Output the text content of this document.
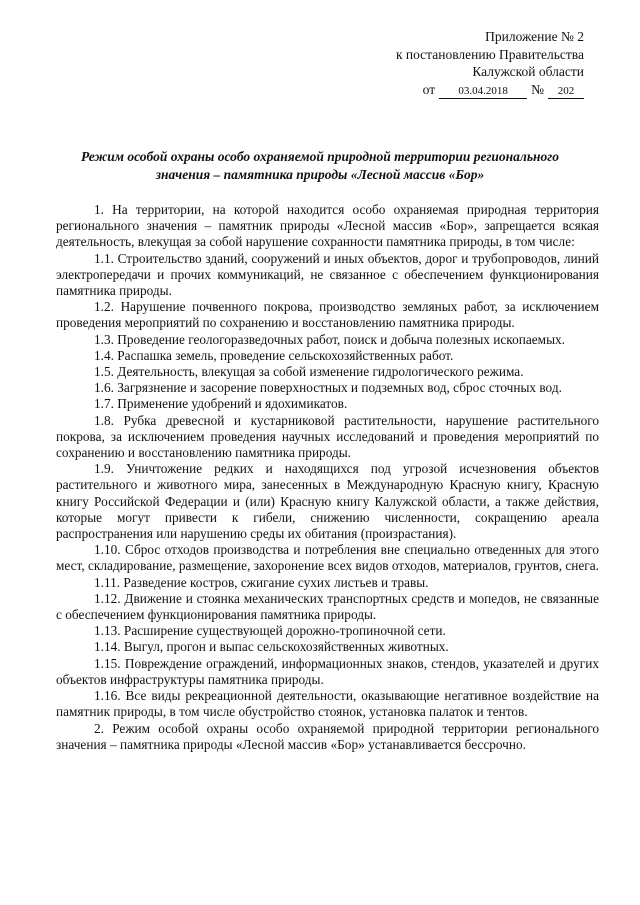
Приложение № 2
к постановлению Правительства
Калужской области
от	03.04.2018	№	202
Режим особой охраны особо охраняемой природной территории регионального
значения – памятника природы «Лесной массив «Бор»

1. На территории, на которой находится особо охраняемая природная территория регионального значения – памятник природы «Лесной массив «Бор», запрещается всякая деятельность, влекущая за собой нарушение сохранности памятника природы, в том числе:

1.1. Строительство зданий, сооружений и иных объектов, дорог и трубопроводов, линий электропередачи и прочих коммуникаций, не связанное с обеспечением функционирования памятника природы.

1.2. Нарушение почвенного покрова, производство земляных работ, за исключением проведения мероприятий по сохранению и восстановлению памятника природы.

1.3. Проведение геологоразведочных работ, поиск и добыча полезных ископаемых.

1.4. Распашка земель, проведение сельскохозяйственных работ.

1.5. Деятельность, влекущая за собой изменение гидрологического режима.

1.6. Загрязнение и засорение поверхностных и подземных вод, сброс сточных вод.

1.7. Применение удобрений и ядохимикатов.

1.8. Рубка древесной и кустарниковой растительности, нарушение растительного покрова, за исключением проведения научных исследований и проведения мероприятий по сохранению и восстановлению памятника природы.

1.9. Уничтожение редких и находящихся под угрозой исчезновения объектов растительного и животного мира, занесенных в Международную Красную книгу, Красную книгу Российской Федерации и (или) Красную книгу Калужской области, а также действия, которые могут привести к гибели, снижению численности, сокращению ареала распространения или нарушению среды их обитания (произрастания).

1.10. Сброс отходов производства и потребления вне специально отведенных для этого мест, складирование, размещение, захоронение всех видов отходов, материалов, грунтов, снега.

1.11. Разведение костров, сжигание сухих листьев и травы.

1.12. Движение и стоянка механических транспортных средств и мопедов, не связанные с обеспечением функционирования памятника природы.

1.13. Расширение существующей дорожно-тропиночной сети.

1.14. Выгул, прогон и выпас сельскохозяйственных животных.

1.15. Повреждение ограждений, информационных знаков, стендов, указателей и других объектов инфраструктуры памятника природы.

1.16. Все виды рекреационной деятельности, оказывающие негативное воздействие на памятник природы, в том числе обустройство стоянок, установка палаток и тентов.

2. Режим особой охраны особо охраняемой природной территории регионального значения – памятника природы «Лесной массив «Бор» устанавливается бессрочно.
